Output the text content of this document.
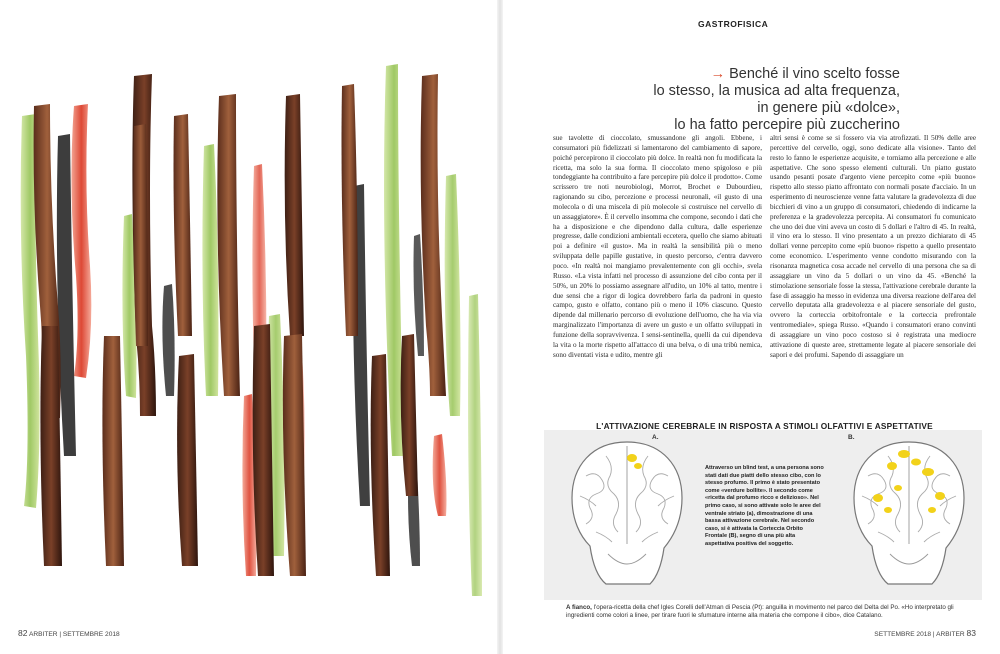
GASTROFISICA
→ Benché il vino scelto fosse
lo stesso, la musica ad alta frequenza,
in genere più «dolce»,
lo ha fatto percepire più zuccherino
sue tavolette di cioccolato, smussandone gli angoli. Ebbene, i consumatori più fidelizzati si lamentarono del cambiamento di sapore, poiché percepirono il cioccolato più dolce. In realtà non fu modificata la ricetta, ma solo la sua forma. Il cioccolato meno spigoloso e più tondeggiante ha contribuito a fare percepire più dolce il prodotto». Come scrissero tre noti neurobiologi, Morrot, Brochet e Dubourdieu, ragionando su cibo, percezione e processi neuronali, «il gusto di una molecola o di una miscela di più molecole si costruisce nel cervello di un assaggiatore». È il cervello insomma che compone, secondo i dati che ha a disposizione e che dipendono dalla cultura, dalle esperienze pregresse, dalle condizioni ambientali eccetera, quello che siamo abituati poi a definire «il gusto». Ma in realtà la sensibilità più o meno sviluppata delle papille gustative, in questo percorso, c'entra davvero poco. «In realtà noi mangiamo prevalentemente con gli occhi», svela Russo. «La vista infatti nel processo di assunzione del cibo conta per il 50%, un 20% lo possiamo assegnare all'udito, un 10% al tatto, mentre i due sensi che a rigor di logica dovrebbero farla da padroni in questo campo, gusto e olfatto, contano più o meno il 10% ciascuno. Questo dipende dal millenario percorso di evoluzione dell'uomo, che ha via via marginalizzato l'importanza di avere un gusto e un olfatto sviluppati in funzione della sopravvivenza. I sensi-sentinella, quelli da cui dipendeva la vita o la morte rispetto all'attacco di una belva, o di una tribù nemica, sono diventati vista e udito, mentre gli
altri sensi è come se si fossero via via atrofizzati. Il 50% delle aree percettive del cervello, oggi, sono dedicate alla visione». Tanto del resto lo fanno le esperienze acquisite, e torniamo alla percezione e alle aspettative. Che sono spesso elementi culturali. Un piatto gustato usando pesanti posate d'argento viene percepito come «più buono» rispetto allo stesso piatto affrontato con normali posate d'acciaio. In un esperimento di neuroscienze venne fatta valutare la gradevolezza di due bicchieri di vino a un gruppo di consumatori, chiedendo di indicarne la preferenza e la gradevolezza percepita. Ai consumatori fu comunicato che uno dei due vini aveva un costo di 5 dollari e l'altro di 45. In realtà, il vino era lo stesso. Il vino presentato a un prezzo dichiarato di 45 dollari venne percepito come «più buono» rispetto a quello presentato come economico. L'esperimento venne condotto misurando con la risonanza magnetica cosa accade nel cervello di una persona che sa di assaggiare un vino da 5 dollari o un vino da 45. «Benché la stimolazione sensoriale fosse la stessa, l'attivazione cerebrale durante la fase di assaggio ha messo in evidenza una diversa reazione dell'area del cervello deputata alla gradevolezza e al piacere sensoriale del gusto, ovvero la corteccia orbitofrontale e la corteccia prefrontale ventromediale», spiega Russo. «Quando i consumatori erano convinti di assaggiare un vino poco costoso si è registrata una mediocre attivazione di queste aree, strettamente legate al piacere sensoriale dei sapori e dei profumi. Sapendo di assaggiare un
L'ATTIVAZIONE CEREBRALE IN RISPOSTA A STIMOLI OLFATTIVI E ASPETTATIVE
A.	B.
Attraverso un blind test, a una persona sono stati dati due piatti dello stesso cibo, con lo stesso profumo. Il primo è stato presentato come «verdure bollite». Il secondo come «ricetta dal profumo ricco e delizioso». Nel primo caso, si sono attivate solo le aree del ventrale striato (a), dimostrazione di una bassa attivazione cerebrale. Nel secondo caso, si è attivata la Corteccia Orbito Frontale (B), segno di una più alta aspettativa positiva del soggetto.
A fianco, l'opera-ricetta della chef Igles Corelli dell'Atman di Pescia (Pt): anguilla in movimento nel parco del Delta del Po. «Ho interpretato gli ingredienti come colori a linee, per tirare fuori le sfumature interne alla materia che compone il cibo», dice Catalano.
82 ARBITER | SETTEMBRE 2018	SETTEMBRE 2018 | ARBITER 83
